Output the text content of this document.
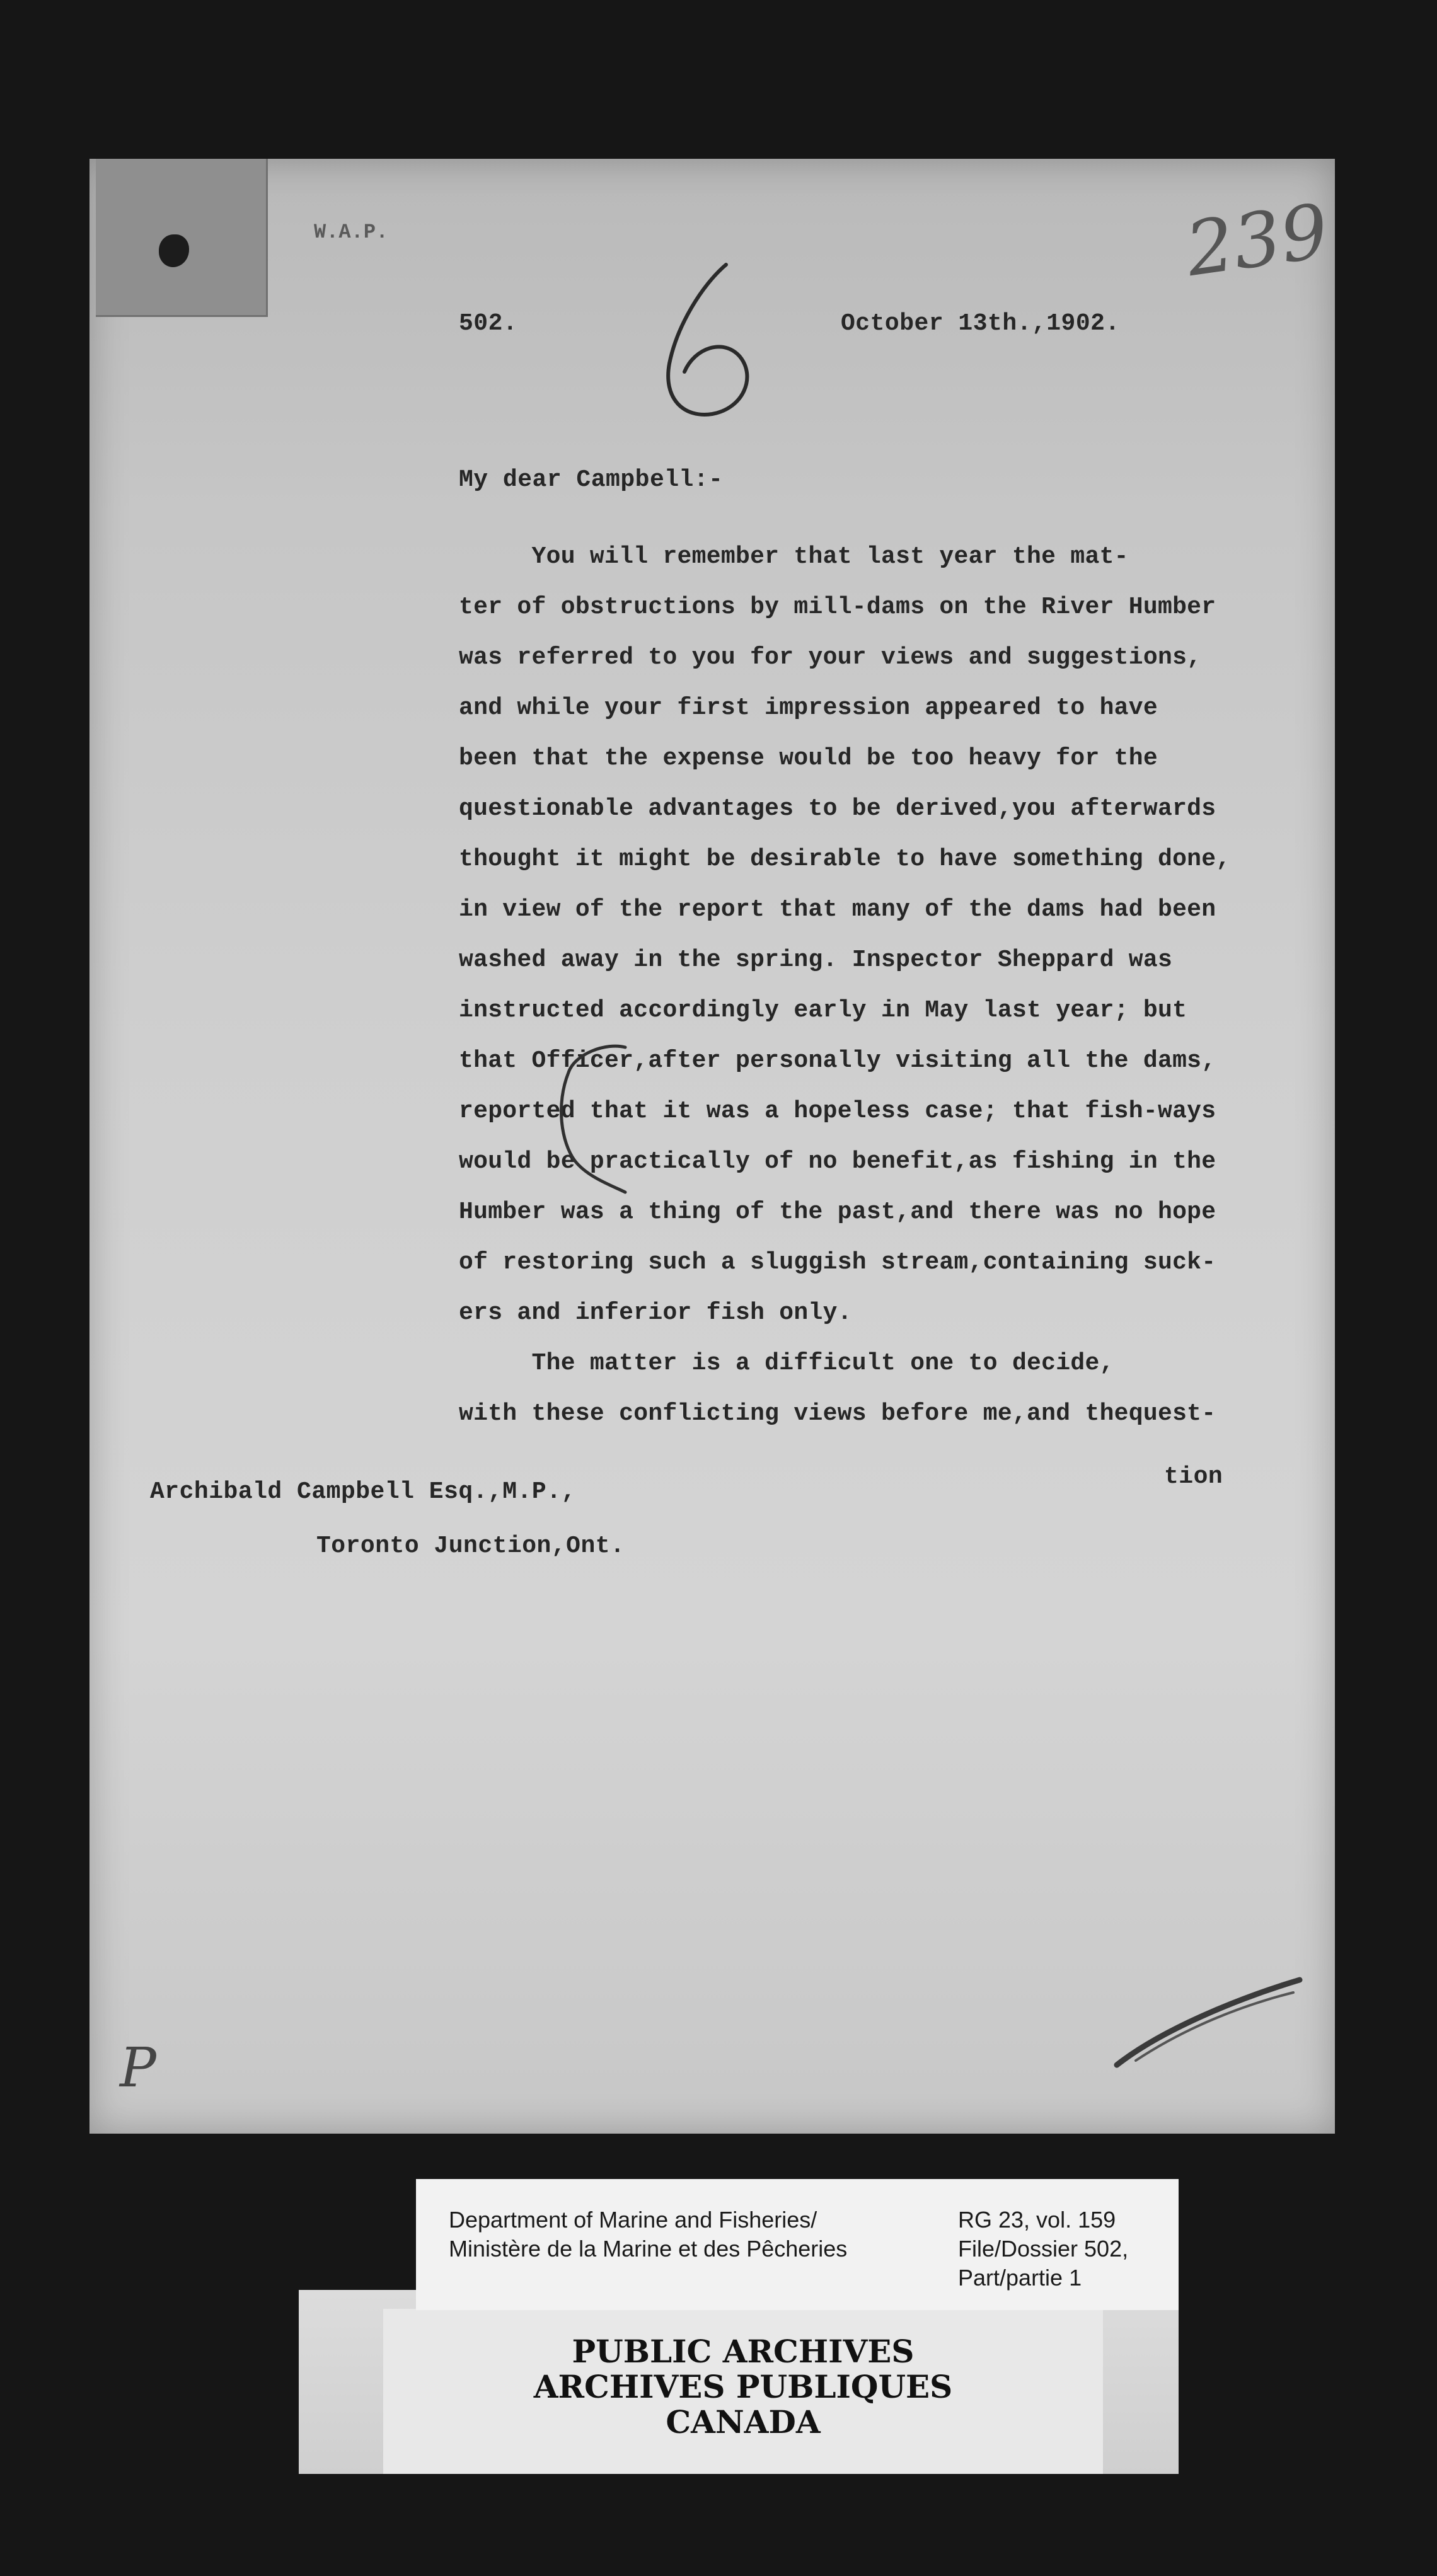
W.A.P.	239
502.	October 13th.,1902.
My dear Campbell:-
You will remember that last year the mat-
ter of obstructions by mill-dams on the River Humber
was referred to you for your views and suggestions,
and while your first impression appeared to have
been that the expense would be too heavy for the
questionable advantages to be derived,you afterwards
thought it might be desirable to have something done,
in view of the report that many of the dams had been
washed away in the spring. Inspector Sheppard was
instructed accordingly early in May last year; but
that Officer,after personally visiting all the dams,
reported that it was a hopeless case; that fish-ways
would be practically of no benefit,as fishing in the
Humber was a thing of the past,and there was no hope
of restoring such a sluggish stream,containing suck-
ers and inferior fish only.
The matter is a difficult one to decide,
with these conflicting views before me,and thequest-
tion
Archibald Campbell Esq.,M.P.,
Toronto Junction,Ont.
P
PUBLIC ARCHIVES
ARCHIVES PUBLIQUES
CANADA
Department of Marine and Fisheries/
Ministère de la Marine et des Pêcheries
RG 23, vol. 159
File/Dossier 502,
Part/partie 1
